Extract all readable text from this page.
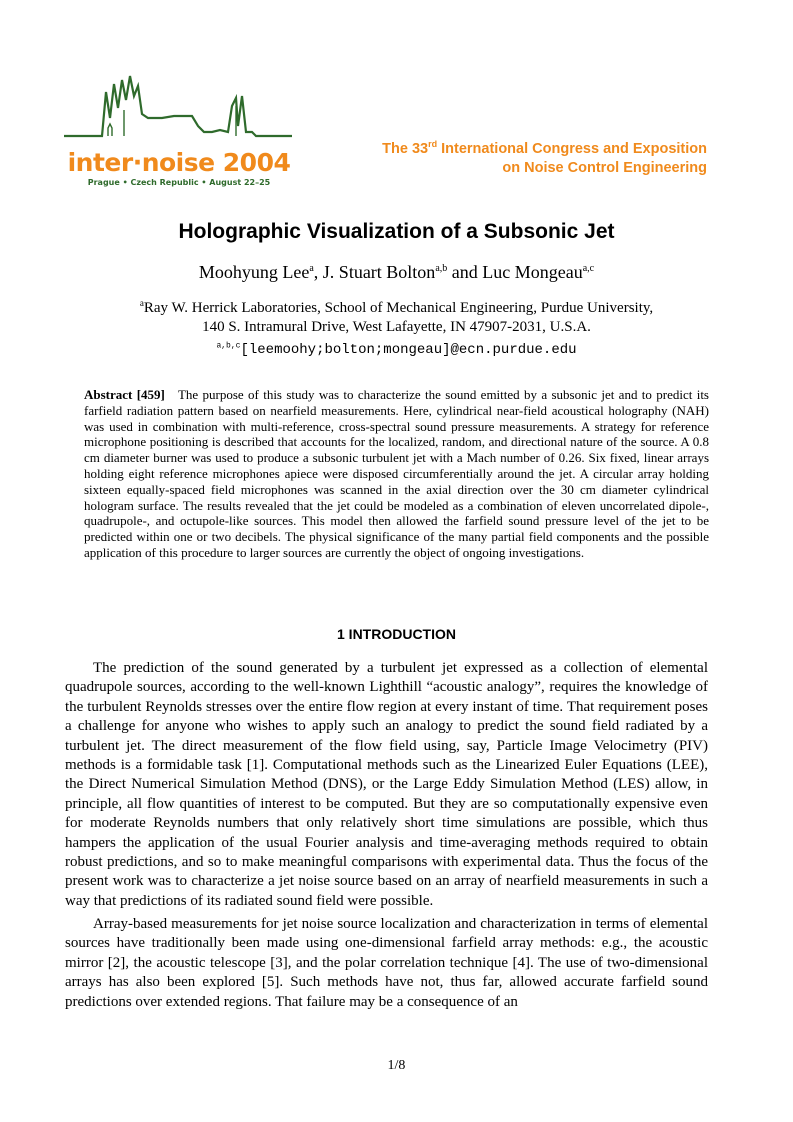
inter·noise 2004
Prague • Czech Republic • August 22–25
The 33rd International Congress and Exposition
on Noise Control Engineering
Holographic Visualization of a Subsonic Jet
Moohyung Lee$^a$, J. Stuart Bolton$^{a,b}$ and Luc Mongeau$^{a,c}$
$^a$Ray W. Herrick Laboratories, School of Mechanical Engineering, Purdue University,
140 S. Intramural Drive, West Lafayette, IN 47907-2031, U.S.A.
$^{a,b,c}$[leemoohy;bolton;mongeau]@ecn.purdue.edu
Abstract [459] The purpose of this study was to characterize the sound emitted by a subsonic jet and to predict its farfield radiation pattern based on nearfield measurements. Here, cylindrical near-field acoustical holography (NAH) was used in combination with multi-reference, cross-spectral sound pressure measurements. A strategy for reference microphone positioning is described that accounts for the localized, random, and directional nature of the source. A 0.8 cm diameter burner was used to produce a subsonic turbulent jet with a Mach number of 0.26. Six fixed, linear arrays holding eight reference microphones apiece were disposed circumferentially around the jet. A circular array holding sixteen equally-spaced field microphones was scanned in the axial direction over the 30 cm diameter cylindrical hologram surface. The results revealed that the jet could be modeled as a combination of eleven uncorrelated dipole-, quadrupole-, and octupole-like sources. This model then allowed the farfield sound pressure level of the jet to be predicted within one or two decibels. The physical significance of the many partial field components and the possible application of this procedure to larger sources are currently the object of ongoing investigations.
1 INTRODUCTION
The prediction of the sound generated by a turbulent jet expressed as a collection of elemental quadrupole sources, according to the well-known Lighthill “acoustic analogy”, requires the knowledge of the turbulent Reynolds stresses over the entire flow region at every instant of time. That requirement poses a challenge for anyone who wishes to apply such an analogy to predict the sound field radiated by a turbulent jet. The direct measurement of the flow field using, say, Particle Image Velocimetry (PIV) methods is a formidable task [1]. Computational methods such as the Linearized Euler Equations (LEE), the Direct Numerical Simulation Method (DNS), or the Large Eddy Simulation Method (LES) allow, in principle, all flow quantities of interest to be computed. But they are so computationally expensive even for moderate Reynolds numbers that only relatively short time simulations are possible, which thus hampers the application of the usual Fourier analysis and time-averaging methods required to obtain robust predictions, and so to make meaningful comparisons with experimental data. Thus the focus of the present work was to characterize a jet noise source based on an array of nearfield measurements in such a way that predictions of its radiated sound field were possible.
Array-based measurements for jet noise source localization and characterization in terms of elemental sources have traditionally been made using one-dimensional farfield array methods: e.g., the acoustic mirror [2], the acoustic telescope [3], and the polar correlation technique [4]. The use of two-dimensional arrays has also been explored [5]. Such methods have not, thus far, allowed accurate farfield sound predictions over extended regions. That failure may be a consequence of an
1/8
